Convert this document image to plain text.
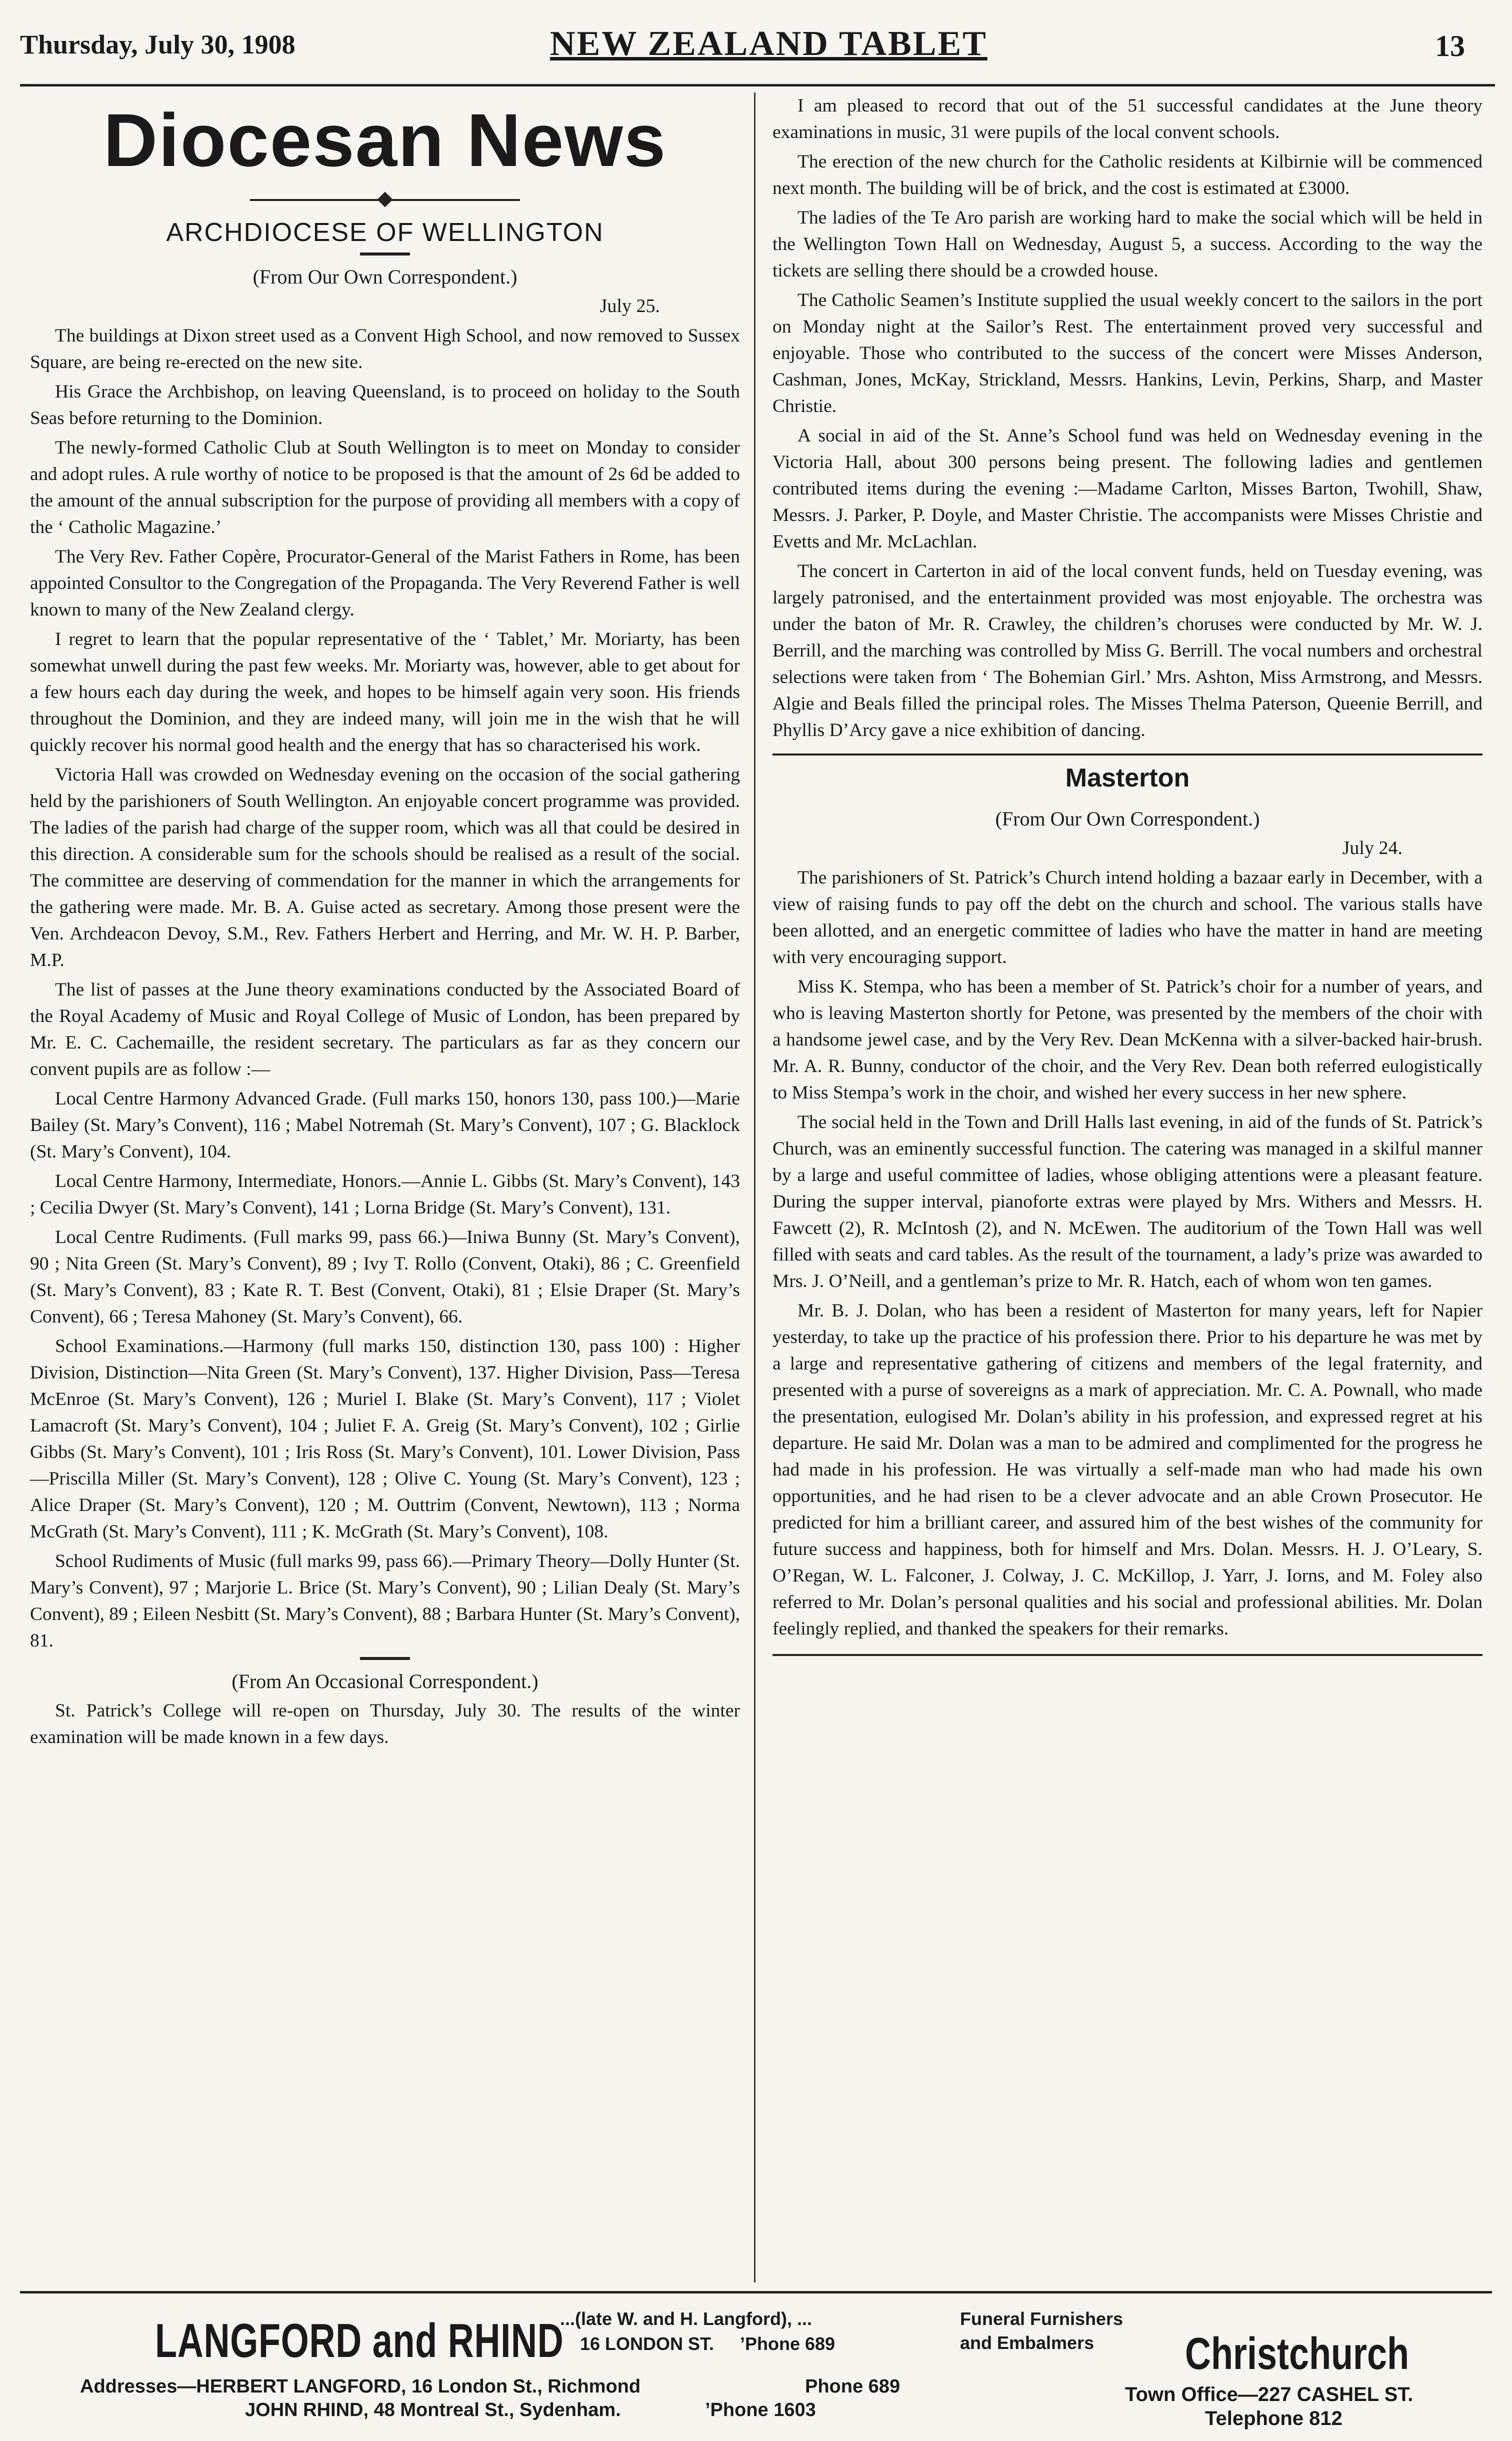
Thursday, July 30, 1908	NEW ZEALAND TABLET	13
Diocesan News
ARCHDIOCESE OF WELLINGTON
(From Our Own Correspondent.)
July 25.

The buildings at Dixon street used as a Convent High School, and now removed to Sussex Square, are being re-erected on the new site.

His Grace the Archbishop, on leaving Queensland, is to proceed on holiday to the South Seas before returning to the Dominion.

The newly-formed Catholic Club at South Wellington is to meet on Monday to consider and adopt rules. A rule worthy of notice to be proposed is that the amount of 2s 6d be added to the amount of the annual subscription for the purpose of providing all members with a copy of the ‘ Catholic Magazine.’

The Very Rev. Father Copère, Procurator-General of the Marist Fathers in Rome, has been appointed Consultor to the Congregation of the Propaganda. The Very Reverend Father is well known to many of the New Zealand clergy.

I regret to learn that the popular representative of the ‘ Tablet,’ Mr. Moriarty, has been somewhat unwell during the past few weeks. Mr. Moriarty was, however, able to get about for a few hours each day during the week, and hopes to be himself again very soon. His friends throughout the Dominion, and they are indeed many, will join me in the wish that he will quickly recover his normal good health and the energy that has so characterised his work.

Victoria Hall was crowded on Wednesday evening on the occasion of the social gathering held by the parishioners of South Wellington. An enjoyable concert programme was provided. The ladies of the parish had charge of the supper room, which was all that could be desired in this direction. A considerable sum for the schools should be realised as a result of the social. The committee are deserving of commendation for the manner in which the arrangements for the gathering were made. Mr. B. A. Guise acted as secretary. Among those present were the Ven. Archdeacon Devoy, S.M., Rev. Fathers Herbert and Herring, and Mr. W. H. P. Barber, M.P.

The list of passes at the June theory examinations conducted by the Associated Board of the Royal Academy of Music and Royal College of Music of London, has been prepared by Mr. E. C. Cachemaille, the resident secretary. The particulars as far as they concern our convent pupils are as follow :—

Local Centre Harmony Advanced Grade. (Full marks 150, honors 130, pass 100.)—Marie Bailey (St. Mary’s Convent), 116 ; Mabel Notremah (St. Mary’s Convent), 107 ; G. Blacklock (St. Mary’s Convent), 104.

Local Centre Harmony, Intermediate, Honors.—Annie L. Gibbs (St. Mary’s Convent), 143 ; Cecilia Dwyer (St. Mary’s Convent), 141 ; Lorna Bridge (St. Mary’s Convent), 131.

Local Centre Rudiments. (Full marks 99, pass 66.)—Iniwa Bunny (St. Mary’s Convent), 90 ; Nita Green (St. Mary’s Convent), 89 ; Ivy T. Rollo (Convent, Otaki), 86 ; C. Greenfield (St. Mary’s Convent), 83 ; Kate R. T. Best (Convent, Otaki), 81 ; Elsie Draper (St. Mary’s Convent), 66 ; Teresa Mahoney (St. Mary’s Convent), 66.

School Examinations.—Harmony (full marks 150, distinction 130, pass 100) : Higher Division, Distinction—Nita Green (St. Mary’s Convent), 137. Higher Division, Pass—Teresa McEnroe (St. Mary’s Convent), 126 ; Muriel I. Blake (St. Mary’s Convent), 117 ; Violet Lamacroft (St. Mary’s Convent), 104 ; Juliet F. A. Greig (St. Mary’s Convent), 102 ; Girlie Gibbs (St. Mary’s Convent), 101 ; Iris Ross (St. Mary’s Convent), 101. Lower Division, Pass—Priscilla Miller (St. Mary’s Convent), 128 ; Olive C. Young (St. Mary’s Convent), 123 ; Alice Draper (St. Mary’s Convent), 120 ; M. Outtrim (Convent, Newtown), 113 ; Norma McGrath (St. Mary’s Convent), 111 ; K. McGrath (St. Mary’s Convent), 108.

School Rudiments of Music (full marks 99, pass 66).—Primary Theory—Dolly Hunter (St. Mary’s Convent), 97 ; Marjorie L. Brice (St. Mary’s Convent), 90 ; Lilian Dealy (St. Mary’s Convent), 89 ; Eileen Nesbitt (St. Mary’s Convent), 88 ; Barbara Hunter (St. Mary’s Convent), 81.

(From An Occasional Correspondent.)

St. Patrick’s College will re-open on Thursday, July 30. The results of the winter examination will be made known in a few days.

I am pleased to record that out of the 51 successful candidates at the June theory examinations in music, 31 were pupils of the local convent schools.

The erection of the new church for the Catholic residents at Kilbirnie will be commenced next month. The building will be of brick, and the cost is estimated at £3000.

The ladies of the Te Aro parish are working hard to make the social which will be held in the Wellington Town Hall on Wednesday, August 5, a success. According to the way the tickets are selling there should be a crowded house.

The Catholic Seamen’s Institute supplied the usual weekly concert to the sailors in the port on Monday night at the Sailor’s Rest. The entertainment proved very successful and enjoyable. Those who contributed to the success of the concert were Misses Anderson, Cashman, Jones, McKay, Strickland, Messrs. Hankins, Levin, Perkins, Sharp, and Master Christie.

A social in aid of the St. Anne’s School fund was held on Wednesday evening in the Victoria Hall, about 300 persons being present. The following ladies and gentlemen contributed items during the evening :—Madame Carlton, Misses Barton, Twohill, Shaw, Messrs. J. Parker, P. Doyle, and Master Christie. The accompanists were Misses Christie and Evetts and Mr. McLachlan.

The concert in Carterton in aid of the local convent funds, held on Tuesday evening, was largely patronised, and the entertainment provided was most enjoyable. The orchestra was under the baton of Mr. R. Crawley, the children’s choruses were conducted by Mr. W. J. Berrill, and the marching was controlled by Miss G. Berrill. The vocal numbers and orchestral selections were taken from ‘ The Bohemian Girl.’ Mrs. Ashton, Miss Armstrong, and Messrs. Algie and Beals filled the principal roles. The Misses Thelma Paterson, Queenie Berrill, and Phyllis D’Arcy gave a nice exhibition of dancing.

Masterton
(From Our Own Correspondent.)
July 24.

The parishioners of St. Patrick’s Church intend holding a bazaar early in December, with a view of raising funds to pay off the debt on the church and school. The various stalls have been allotted, and an energetic committee of ladies who have the matter in hand are meeting with very encouraging support.

Miss K. Stempa, who has been a member of St. Patrick’s choir for a number of years, and who is leaving Masterton shortly for Petone, was presented by the members of the choir with a handsome jewel case, and by the Very Rev. Dean McKenna with a silver-backed hair-brush. Mr. A. R. Bunny, conductor of the choir, and the Very Rev. Dean both referred eulogistically to Miss Stempa’s work in the choir, and wished her every success in her new sphere.

The social held in the Town and Drill Halls last evening, in aid of the funds of St. Patrick’s Church, was an eminently successful function. The catering was managed in a skilful manner by a large and useful committee of ladies, whose obliging attentions were a pleasant feature. During the supper interval, pianoforte extras were played by Mrs. Withers and Messrs. H. Fawcett (2), R. McIntosh (2), and N. McEwen. The auditorium of the Town Hall was well filled with seats and card tables. As the result of the tournament, a lady’s prize was awarded to Mrs. J. O’Neill, and a gentleman’s prize to Mr. R. Hatch, each of whom won ten games.

Mr. B. J. Dolan, who has been a resident of Masterton for many years, left for Napier yesterday, to take up the practice of his profession there. Prior to his departure he was met by a large and representative gathering of citizens and members of the legal fraternity, and presented with a purse of sovereigns as a mark of appreciation. Mr. C. A. Pownall, who made the presentation, eulogised Mr. Dolan’s ability in his profession, and expressed regret at his departure. He said Mr. Dolan was a man to be admired and complimented for the progress he had made in his profession. He was virtually a self-made man who had made his own opportunities, and he had risen to be a clever advocate and an able Crown Prosecutor. He predicted for him a brilliant career, and assured him of the best wishes of the community for future success and happiness, both for himself and Mrs. Dolan. Messrs. H. J. O’Leary, S. O’Regan, W. L. Falconer, J. Colway, J. C. McKillop, J. Yarr, J. Iorns, and M. Foley also referred to Mr. Dolan’s personal qualities and his social and professional abilities. Mr. Dolan feelingly replied, and thanked the speakers for their remarks.

LANGFORD and RHIND
...(late W. and H. Langford), ...
16 LONDON ST. ’Phone 689
Funeral Furnishers
and Embalmers Christchurch
Addresses—HERBERT LANGFORD, 16 London St., Richmond	Phone 689
JOHN RHIND, 48 Montreal St., Sydenham.	’Phone 1603
Town Office—227 CASHEL ST.
Telephone 812
